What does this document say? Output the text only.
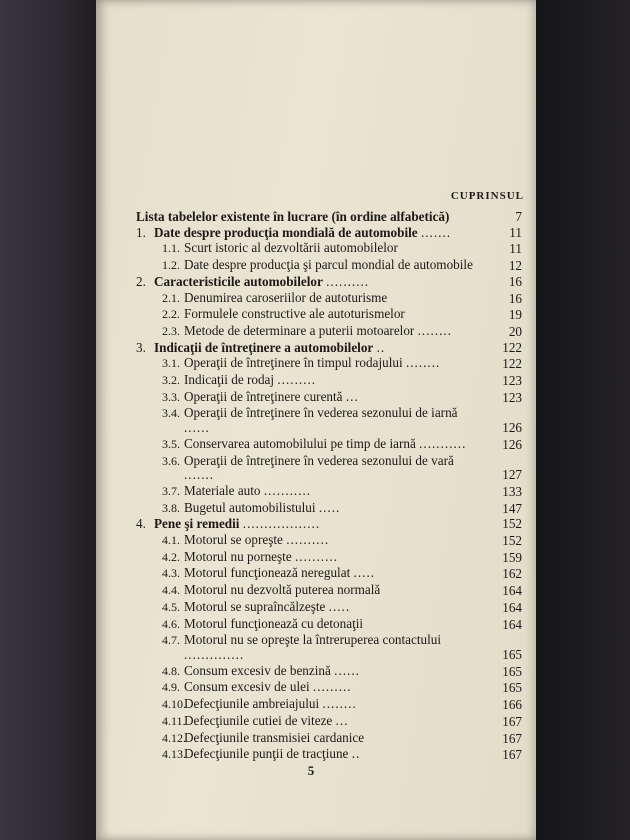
CUPRINSUL
Lista tabelelor existente în lucrare (în ordine alfabetică)	7
1. Date despre producţia mondială de automobile .......	11
1.1. Scurt istoric al dezvoltării automobilelor	11
1.2. Date despre producţia şi parcul mondial de automobile	12
2. Caracteristicile automobilelor ..........	16
2.1. Denumirea caroseriilor de autoturisme	16
2.2. Formulele constructive ale autoturismelor	19
2.3. Metode de determinare a puterii motoarelor ........	20
3. Indicaţii de întreţinere a automobilelor ..	122
3.1. Operaţii de întreţinere în timpul rodajului ........	122
3.2. Indicaţii de rodaj .........	123
3.3. Operaţii de întreţinere curentă ...	123
3.4. Operaţii de întreţinere în vederea sezonului de iarnă ......	126
3.5. Conservarea automobilului pe timp de iarnă ...........	126
3.6. Operaţii de întreţinere în vederea sezonului de vară .......	127
3.7. Materiale auto ...........	133
3.8. Bugetul automobilistului .....	147
4. Pene şi remedii ..................	152
4.1. Motorul se opreşte ..........	152
4.2. Motorul nu porneşte ..........	159
4.3. Motorul funcţionează neregulat .....	162
4.4. Motorul nu dezvoltă puterea normală	164
4.5. Motorul se supraîncălzeşte .....	164
4.6. Motorul funcţionează cu detonaţii	164
4.7. Motorul nu se opreşte la întreruperea contactului ..............	165
4.8. Consum excesiv de benzină ......	165
4.9. Consum excesiv de ulei .........	165
4.10.Defecţiunile ambreiajului ........	166
4.11.Defecţiunile cutiei de viteze ...	167
4.12.Defecţiunile transmisiei cardanice	167
4.13.Defecţiunile punţii de tracţiune ..	167
5
